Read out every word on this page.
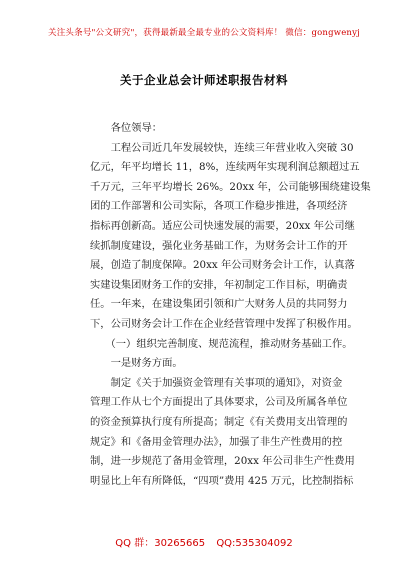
关注头条号"公文研究"，获得最新最全最专业的公文资料库！ 微信：gongwenyj
关于企业总会计师述职报告材料
　　各位领导：
　　工程公司近几年发展较快，连续三年营业收入突破 30
亿元，年平均增长 11，8%，连续两年实现利润总额超过五
千万元，三年平均增长 26%。20xx 年，公司能够围绕建设集
团的工作部署和公司实际，各项工作稳步推进，各项经济
指标再创新高。适应公司快速发展的需要，20xx 年公司继
续抓制度建设，强化业务基础工作，为财务会计工作的开
展，创造了制度保障。20xx 年公司财务会计工作，认真落
实建设集团财务工作的安排，年初制定工作目标，明确责
任。一年来，在建设集团引领和广大财务人员的共同努力
下，公司财务会计工作在企业经营管理中发挥了积极作用。
　　（一）组织完善制度、规范流程，推动财务基础工作。
　　一是财务方面。
　　制定《关于加强资金管理有关事项的通知》，对资金
管理工作从七个方面提出了具体要求，公司及所属各单位
的资金预算执行度有所提高；制定《有关费用支出管理的
规定》和《备用金管理办法》，加强了非生产性费用的控
制，进一步规范了备用金管理，20xx 年公司非生产性费用
明显比上年有所降低，“四项”费用 425 万元，比控制指标
QQ 群：30265665 QQ:535304092
